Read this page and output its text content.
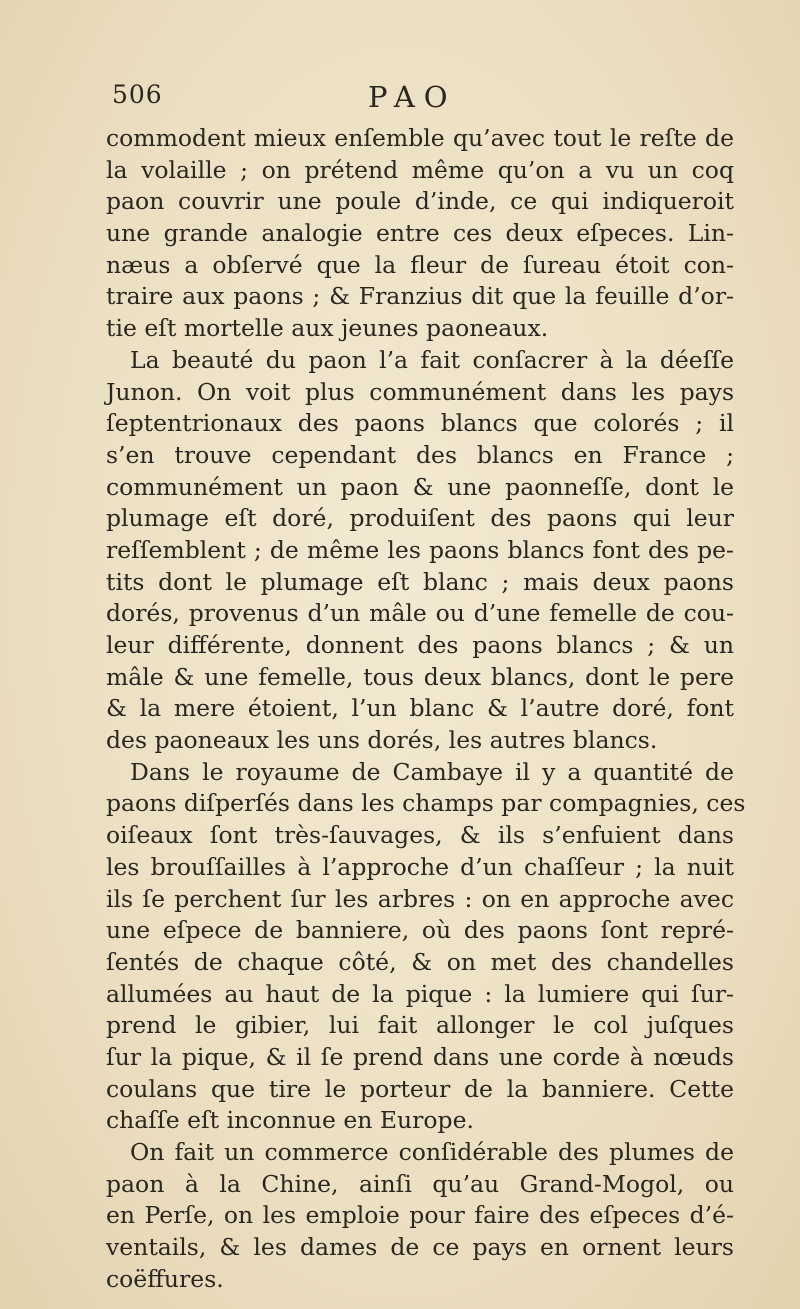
506	PAO
commodent mieux enſemble qu’avec tout le reſte de
la volaille ; on prétend même qu’on a vu un coq
paon couvrir une poule d’inde, ce qui indiqueroit
une grande analogie entre ces deux eſpeces. Lin-
næus a obſervé que la fleur de ſureau étoit con-
traire aux paons ; & Franzius dit que la feuille d’or-
tie eſt mortelle aux jeunes paoneaux.
La beauté du paon l’a fait conſacrer à la déeſſe
Junon. On voit plus communément dans les pays
ſeptentrionaux des paons blancs que colorés ; il
s’en trouve cependant des blancs en France ;
communément un paon & une paonneſſe, dont le
plumage eſt doré, produiſent des paons qui leur
reſſemblent ; de même les paons blancs font des pe-
tits dont le plumage eſt blanc ; mais deux paons
dorés, provenus d’un mâle ou d’une femelle de cou-
leur différente, donnent des paons blancs ; & un
mâle & une femelle, tous deux blancs, dont le pere
& la mere étoient, l’un blanc & l’autre doré, font
des paoneaux les uns dorés, les autres blancs.
Dans le royaume de Cambaye il y a quantité de
paons diſperſés dans les champs par compagnies, ces
oiſeaux ſont très-ſauvages, & ils s’enfuient dans
les brouſſailles à l’approche d’un chaſſeur ; la nuit
ils ſe perchent ſur les arbres : on en approche avec
une eſpece de banniere, où des paons ſont repré-
ſentés de chaque côté, & on met des chandelles
allumées au haut de la pique : la lumiere qui ſur-
prend le gibier, lui fait allonger le col juſques
ſur la pique, & il ſe prend dans une corde à nœuds
coulans que tire le porteur de la banniere. Cette
chaſſe eſt inconnue en Europe.
On fait un commerce conſidérable des plumes de
paon à la Chine, ainſi qu’au Grand-Mogol, ou
en Perſe, on les emploie pour faire des eſpeces d’é-
ventails, & les dames de ce pays en ornent leurs
coëffures.
